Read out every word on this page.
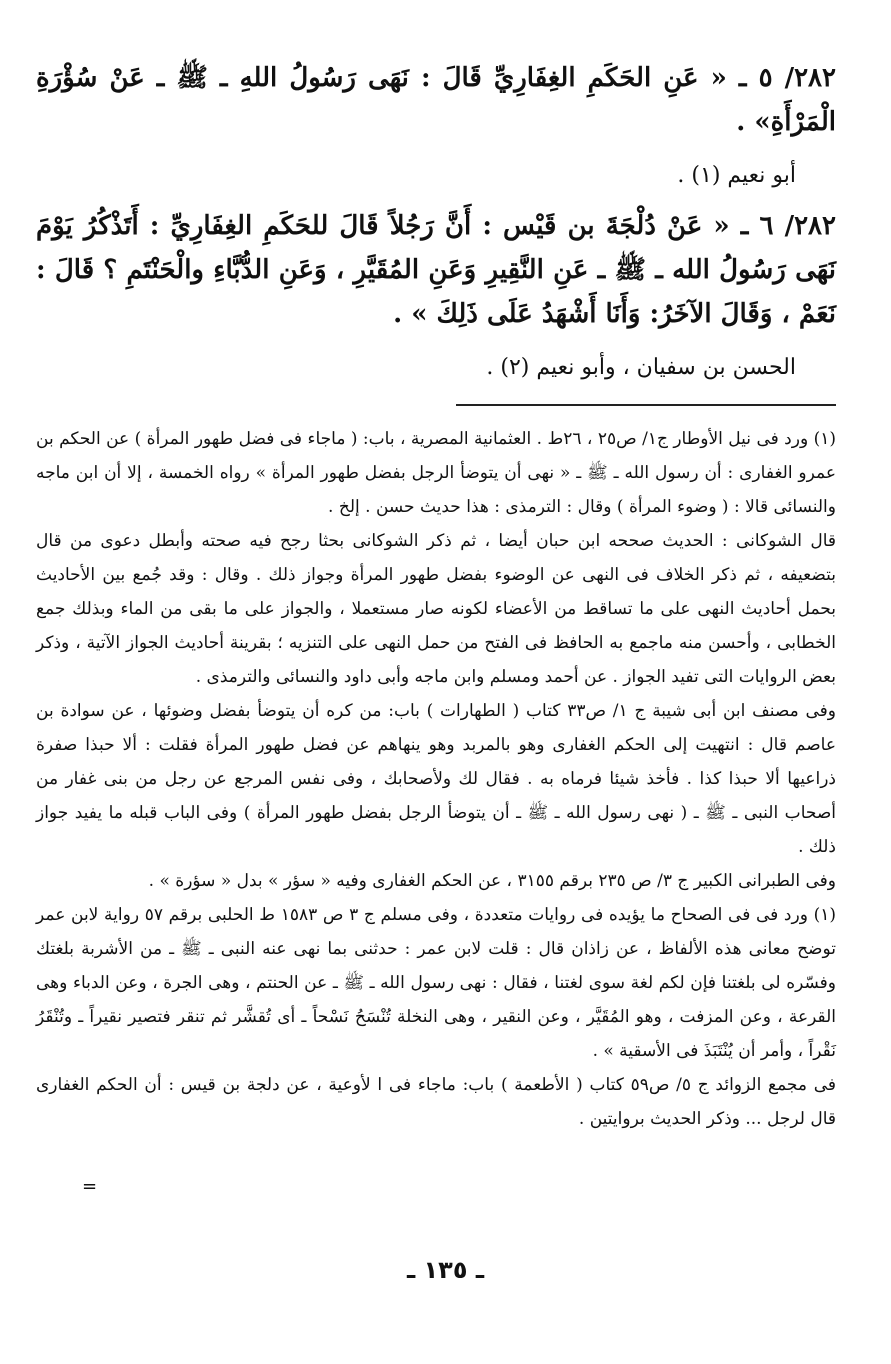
٢٨٢/ ٥ ـ « عَنِ الحَكَمِ الغِفَارِيِّ قَالَ : نَهَى رَسُولُ اللهِ ـ ﷺ ـ عَنْ سُؤْرَةِ الْمَرْأَةِ» .

أبو نعيم (١) .

٢٨٢/ ٦ ـ « عَنْ دُلْجَةَ بن قَيْس : أَنَّ رَجُلاً قَالَ للحَكَمِ الغِفَارِيِّ : أَتَذْكُرُ يَوْمَ نَهَى رَسُولُ الله ـ ﷺ ـ عَنِ النَّقِيرِ وَعَنِ المُقَيَّرِ ، وَعَنِ الدُّبَّاءِ والْحَنْتَمِ ؟ قَالَ : نَعَمْ ، وَقَالَ الآخَرُ: وَأَنَا أَشْهَدُ عَلَى ذَلِكَ » .

الحسن بن سفيان ، وأبو نعيم (٢) .

(١) ورد فى نيل الأوطار ج١/ ص٢٥ ، ٢٦ط . العثمانية المصرية ، باب: ( ماجاء فى فضل طهور المرأة ) عن الحكم بن عمرو الغفارى : أن رسول الله ـ ﷺ ـ « نهى أن يتوضأ الرجل بفضل طهور المرأة » رواه الخمسة ، إلا أن ابن ماجه والنسائى قالا : ( وضوء المرأة ) وقال : الترمذى : هذا حديث حسن . إلخ .

قال الشوكانى : الحديث صححه ابن حبان أيضا ، ثم ذكر الشوكانى بحثا رجح فيه صحته وأبطل دعوى من قال بتضعيفه ، ثم ذكر الخلاف فى النهى عن الوضوء بفضل طهور المرأة وجواز ذلك . وقال : وقد جُمع بين الأحاديث بحمل أحاديث النهى على ما تساقط من الأعضاء لكونه صار مستعملا ، والجواز على ما بقى من الماء وبذلك جمع الخطابى ، وأحسن منه ماجمع به الحافظ فى الفتح من حمل النهى على التنزيه ؛ بقرينة أحاديث الجواز الآتية ، وذكر بعض الروايات التى تفيد الجواز . عن أحمد ومسلم وابن ماجه وأبى داود والنسائى والترمذى .

وفى مصنف ابن أبى شيبة ج ١/ ص٣٣ كتاب ( الطهارات ) باب: من كره أن يتوضأ بفضل وضوئها ، عن سوادة بن عاصم قال : انتهيت إلى الحكم الغفارى وهو بالمربد وهو ينهاهم عن فضل طهور المرأة فقلت : ألا حبذا صفرة ذراعيها ألا حبذا كذا . فأخذ شيئا فرماه به . فقال لك ولأصحابك ، وفى نفس المرجع عن رجل من بنى غفار من أصحاب النبى ـ ﷺ ـ ( نهى رسول الله ـ ﷺ ـ أن يتوضأ الرجل بفضل طهور المرأة ) وفى الباب قبله ما يفيد جواز ذلك .

وفى الطبرانى الكبير ج ٣/ ص ٢٣٥ برقم ٣١٥٥ ، عن الحكم الغفارى وفيه « سؤر » بدل « سؤرة » .

(١) ورد فى فى الصحاح ما يؤيده فى روايات متعددة ، وفى مسلم ج ٣ ص ١٥٨٣ ط الحلبى برقم ٥٧ رواية لابن عمر توضح معانى هذه الألفاظ ، عن زاذان قال : قلت لابن عمر : حدثنى بما نهى عنه النبى ـ ﷺ ـ من الأشربة بلغتك وفسّره لى بلغتنا فإن لكم لغة سوى لغتنا ، فقال : نهى رسول الله ـ ﷺ ـ عن الحنتم ، وهى الجرة ، وعن الدباء وهى القرعة ، وعن المزفت ، وهو المُقَيَّر ، وعن النقير ، وهى النخلة تُنْسَحُ نَسْحاً ـ أى تُقشَّر ثم تنقر فتصير نقيراً ـ وتُنْقَرُ نَقْراً ، وأمر أن يُنْتَبَذَ فى الأسقية » .

فى مجمع الزوائد ج ٥/ ص٥٩ كتاب ( الأطعمة ) باب: ماجاء فى ا لأوعية ، عن دلجة بن قيس : أن الحكم الغفارى قال لرجل ... وذكر الحديث بروايتين .

=
ـ ١٣٥ ـ
